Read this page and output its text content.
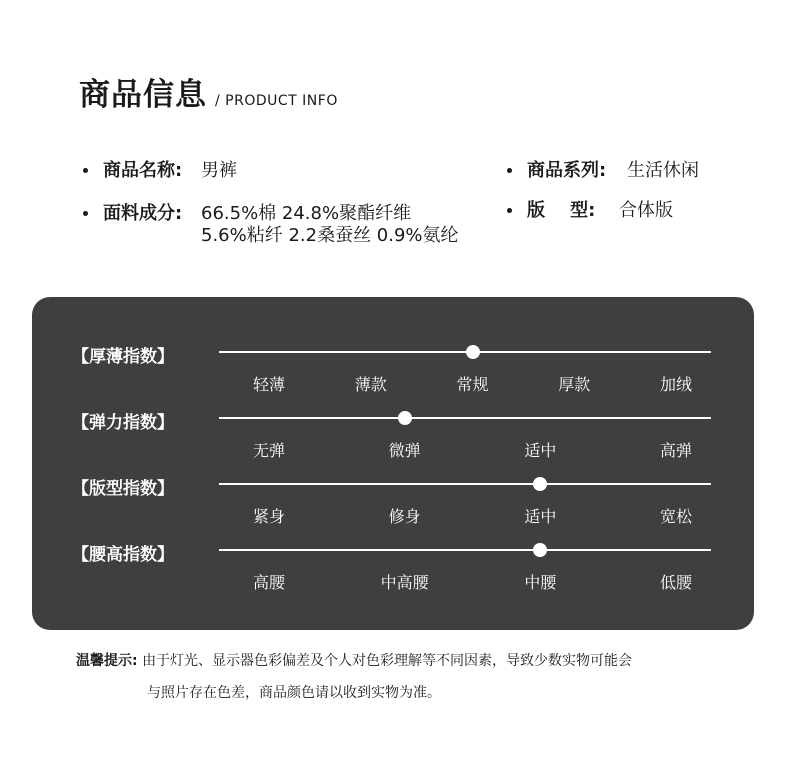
商品信息 / PRODUCT INFO
商品名称: 男裤
面料成分: 66.5%棉 24.8%聚酯纤维
5.6%粘纤 2.2桑蚕丝 0.9%氨纶
商品系列: 生活休闲
版    型: 合体版
【厚薄指数】
轻薄	薄款	常规	厚款	加绒
【弹力指数】
无弹	微弹	适中	高弹
【版型指数】
紧身	修身	适中	宽松
【腰高指数】
高腰	中高腰	中腰	低腰
温馨提示: 由于灯光、显示器色彩偏差及个人对色彩理解等不同因素，导致少数实物可能会
与照片存在色差，商品颜色请以收到实物为准。
